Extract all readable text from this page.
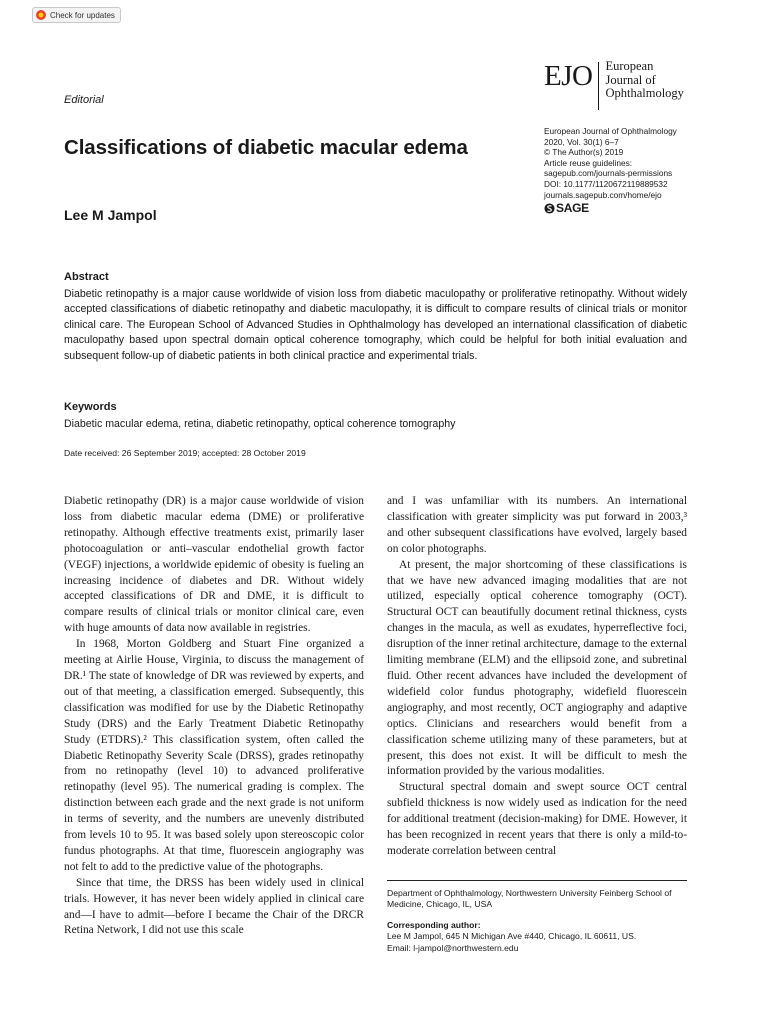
Check for updates
Editorial
Classifications of diabetic macular edema
Lee M Jampol
EJO European
Journal of
Ophthalmology
European Journal of Ophthalmology
2020, Vol. 30(1) 6–7
© The Author(s) 2019
Article reuse guidelines:
sagepub.com/journals-permissions
DOI: 10.1177/1120672119889532
journals.sagepub.com/home/ejo
SAGE
Abstract

Diabetic retinopathy is a major cause worldwide of vision loss from diabetic maculopathy or proliferative retinopathy. Without widely accepted classifications of diabetic retinopathy and diabetic maculopathy, it is difficult to compare results of clinical trials or monitor clinical care. The European School of Advanced Studies in Ophthalmology has developed an international classification of diabetic maculopathy based upon spectral domain optical coherence tomography, which could be helpful for both initial evaluation and subsequent follow-up of diabetic patients in both clinical practice and experimental trials.

Keywords
Diabetic macular edema, retina, diabetic retinopathy, optical coherence tomography
Date received: 26 September 2019; accepted: 28 October 2019

Diabetic retinopathy (DR) is a major cause worldwide of vision loss from diabetic macular edema (DME) or proliferative retinopathy. Although effective treatments exist, primarily laser photocoagulation or anti–vascular endothelial growth factor (VEGF) injections, a worldwide epidemic of obesity is fueling an increasing incidence of diabetes and DR. Without widely accepted classifications of DR and DME, it is difficult to compare results of clinical trials or monitor clinical care, even with huge amounts of data now available in registries.

In 1968, Morton Goldberg and Stuart Fine organized a meeting at Airlie House, Virginia, to discuss the management of DR.¹ The state of knowledge of DR was reviewed by experts, and out of that meeting, a classification emerged. Subsequently, this classification was modified for use by the Diabetic Retinopathy Study (DRS) and the Early Treatment Diabetic Retinopathy Study (ETDRS).² This classification system, often called the Diabetic Retinopathy Severity Scale (DRSS), grades retinopathy from no retinopathy (level 10) to advanced proliferative retinopathy (level 95). The numerical grading is complex. The distinction between each grade and the next grade is not uniform in terms of severity, and the numbers are unevenly distributed from levels 10 to 95. It was based solely upon stereoscopic color fundus photographs. At that time, fluorescein angiography was not felt to add to the predictive value of the photographs.

Since that time, the DRSS has been widely used in clinical trials. However, it has never been widely applied in clinical care and—I have to admit—before I became the Chair of the DRCR Retina Network, I did not use this scale

and I was unfamiliar with its numbers. An international classification with greater simplicity was put forward in 2003,³ and other subsequent classifications have evolved, largely based on color photographs.

At present, the major shortcoming of these classifications is that we have new advanced imaging modalities that are not utilized, especially optical coherence tomography (OCT). Structural OCT can beautifully document retinal thickness, cysts changes in the macula, as well as exudates, hyperreflective foci, disruption of the inner retinal architecture, damage to the external limiting membrane (ELM) and the ellipsoid zone, and subretinal fluid. Other recent advances have included the development of widefield color fundus photography, widefield fluorescein angiography, and most recently, OCT angiography and adaptive optics. Clinicians and researchers would benefit from a classification scheme utilizing many of these parameters, but at present, this does not exist. It will be difficult to mesh the information provided by the various modalities.

Structural spectral domain and swept source OCT central subfield thickness is now widely used as indication for the need for additional treatment (decision-making) for DME. However, it has been recognized in recent years that there is only a mild-to-moderate correlation between central

Department of Ophthalmology, Northwestern University Feinberg School of Medicine, Chicago, IL, USA

Corresponding author:

Lee M Jampol, 645 N Michigan Ave #440, Chicago, IL 60611, US.

Email: l-jampol@northwestern.edu
